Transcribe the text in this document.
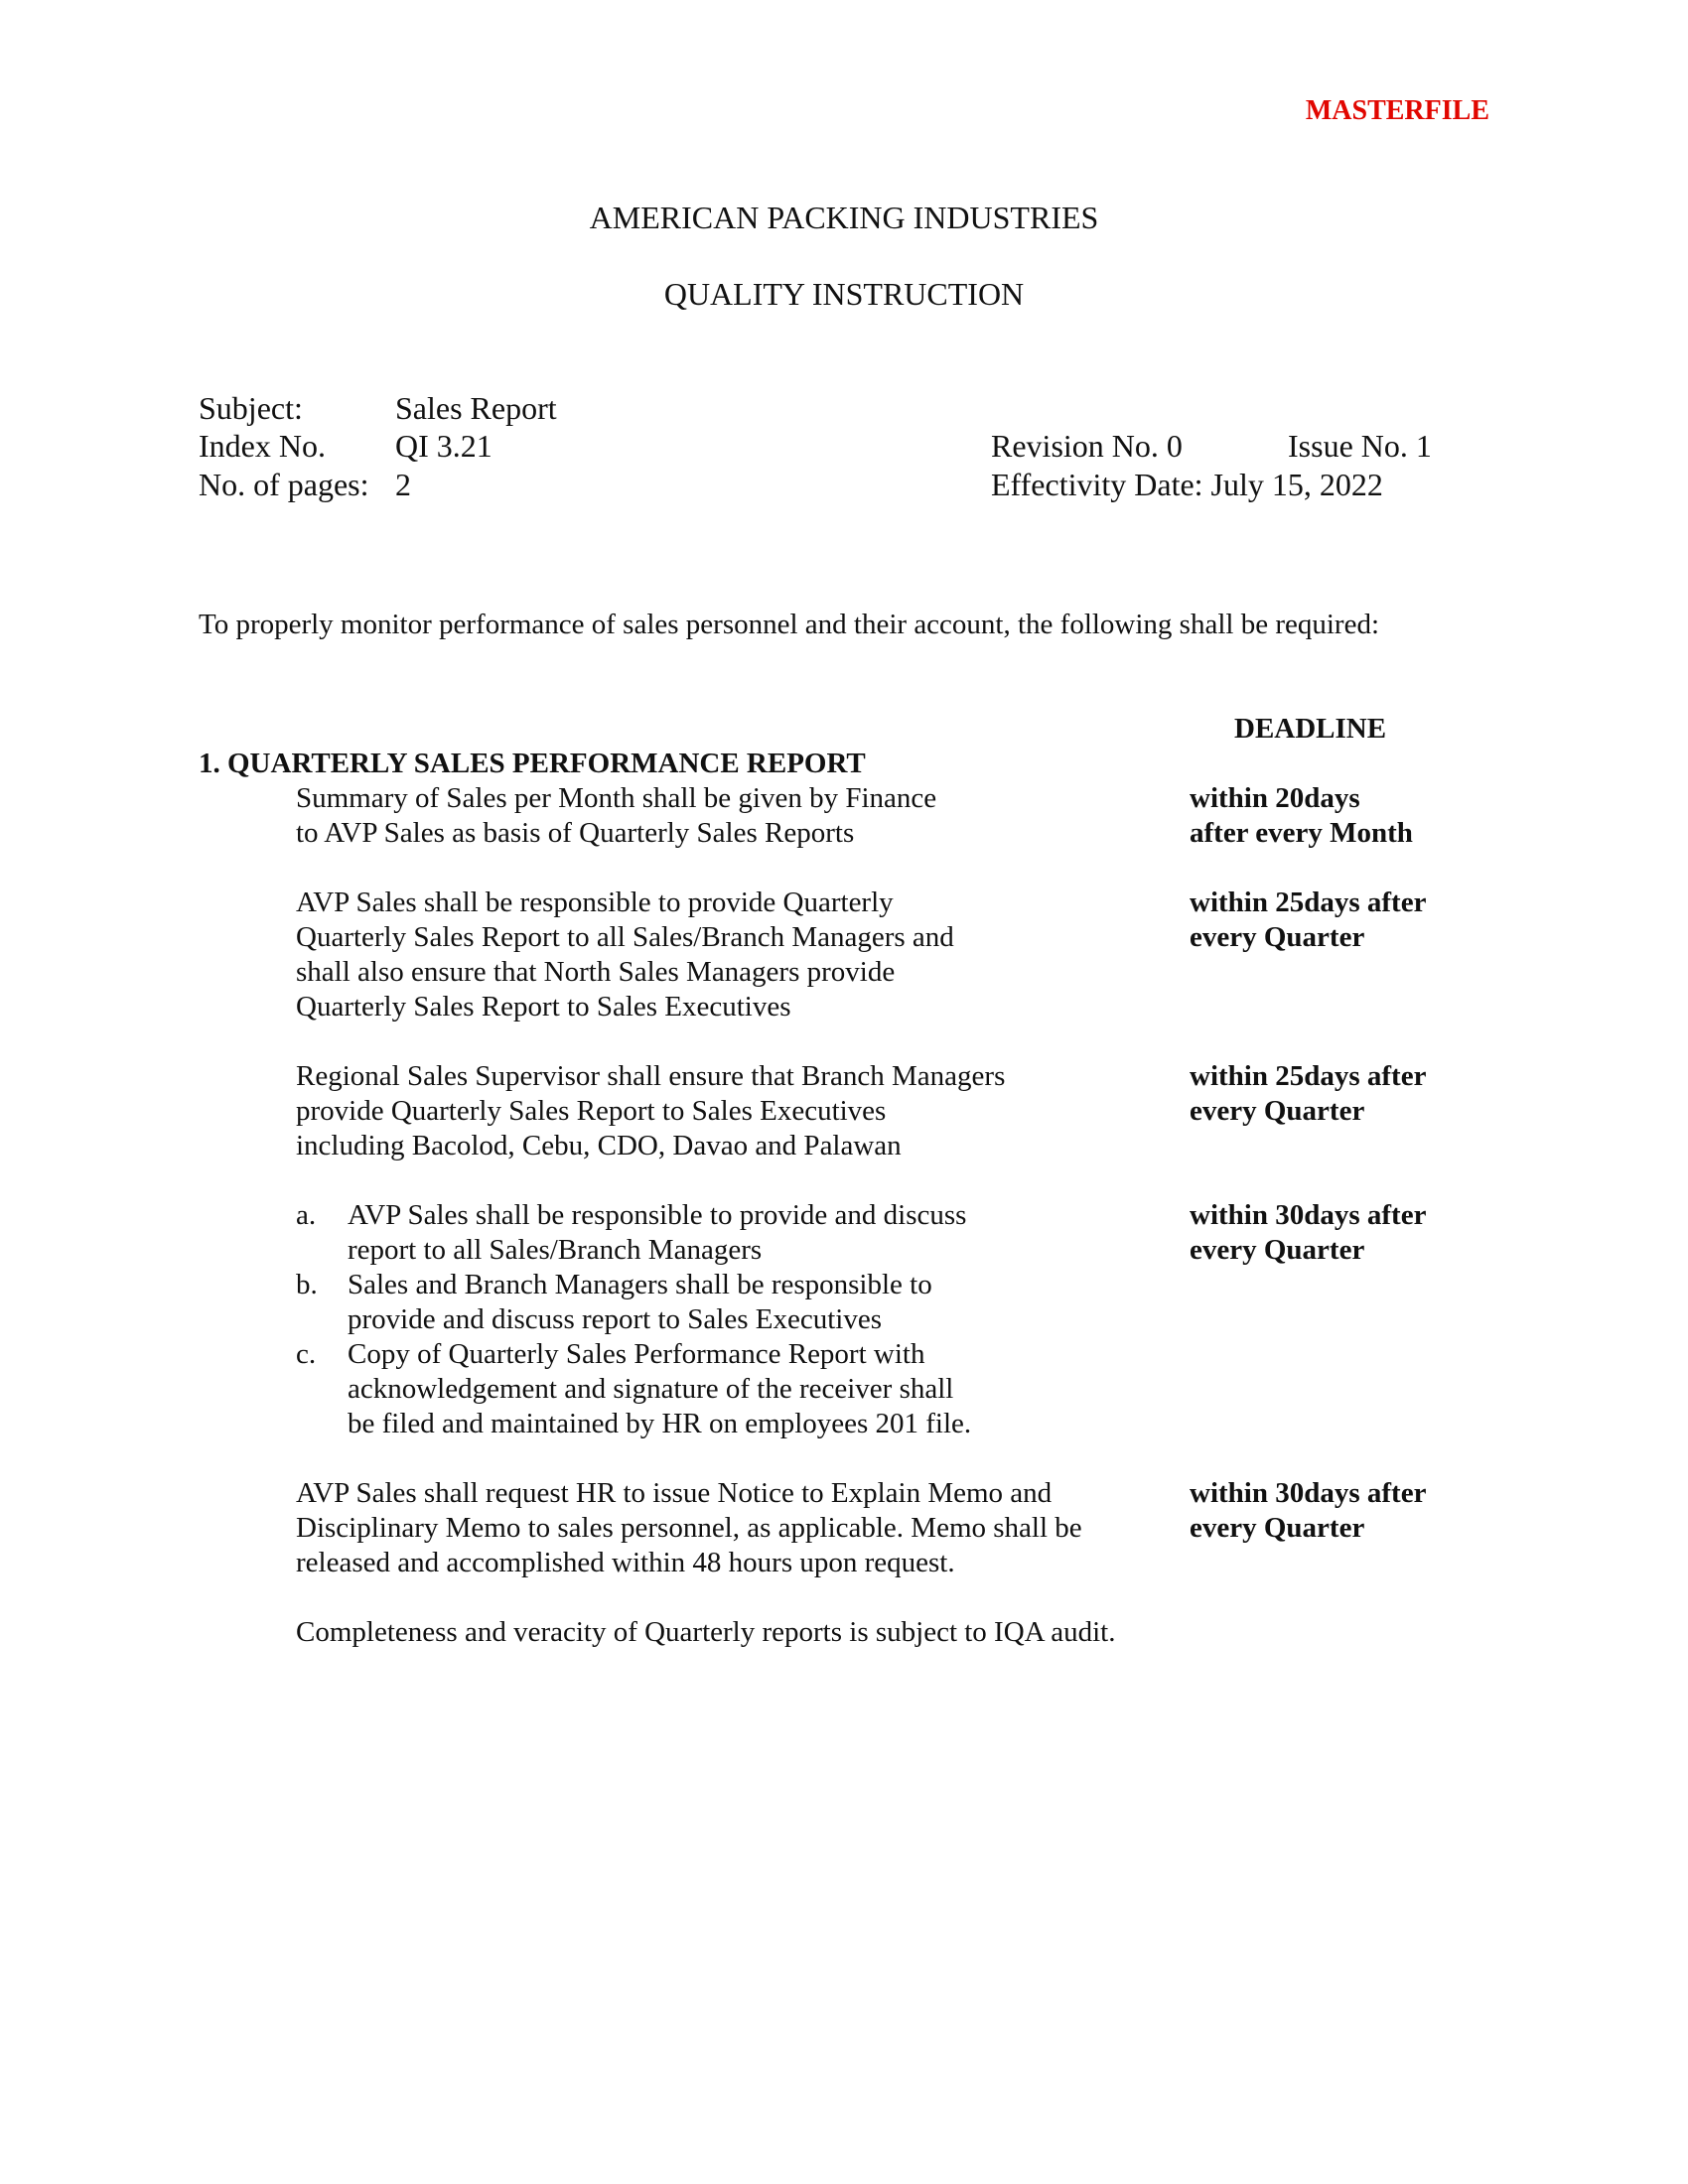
MASTERFILE
AMERICAN PACKING INDUSTRIES
QUALITY INSTRUCTION
Subject:	Sales Report
Index No. QI 3.21
No. of pages: 2
Revision No. 0	Issue No. 1
Effectivity Date: July 15, 2022
To properly monitor performance of sales personnel and their account, the following shall be required:
DEADLINE
1. QUARTERLY SALES PERFORMANCE REPORT
Summary of Sales per Month shall be given by Finance
to AVP Sales as basis of Quarterly Sales Reports
within 20days
after every Month
AVP Sales shall be responsible to provide Quarterly
Quarterly Sales Report to all Sales/Branch Managers and
shall also ensure that North Sales Managers provide
Quarterly Sales Report to Sales Executives
within 25days after
every Quarter
Regional Sales Supervisor shall ensure that Branch Managers
provide Quarterly Sales Report to Sales Executives
including Bacolod, Cebu, CDO, Davao and Palawan
within 25days after
every Quarter
a.	AVP Sales shall be responsible to provide and discuss
report to all Sales/Branch Managers
b.	Sales and Branch Managers shall be responsible to
provide and discuss report to Sales Executives
c.	Copy of Quarterly Sales Performance Report with
acknowledgement and signature of the receiver shall
be filed and maintained by HR on employees 201 file.
within 30days after
every Quarter
AVP Sales shall request HR to issue Notice to Explain Memo and
Disciplinary Memo to sales personnel, as applicable. Memo shall be
released and accomplished within 48 hours upon request.
within 30days after
every Quarter
Completeness and veracity of Quarterly reports is subject to IQA audit.
